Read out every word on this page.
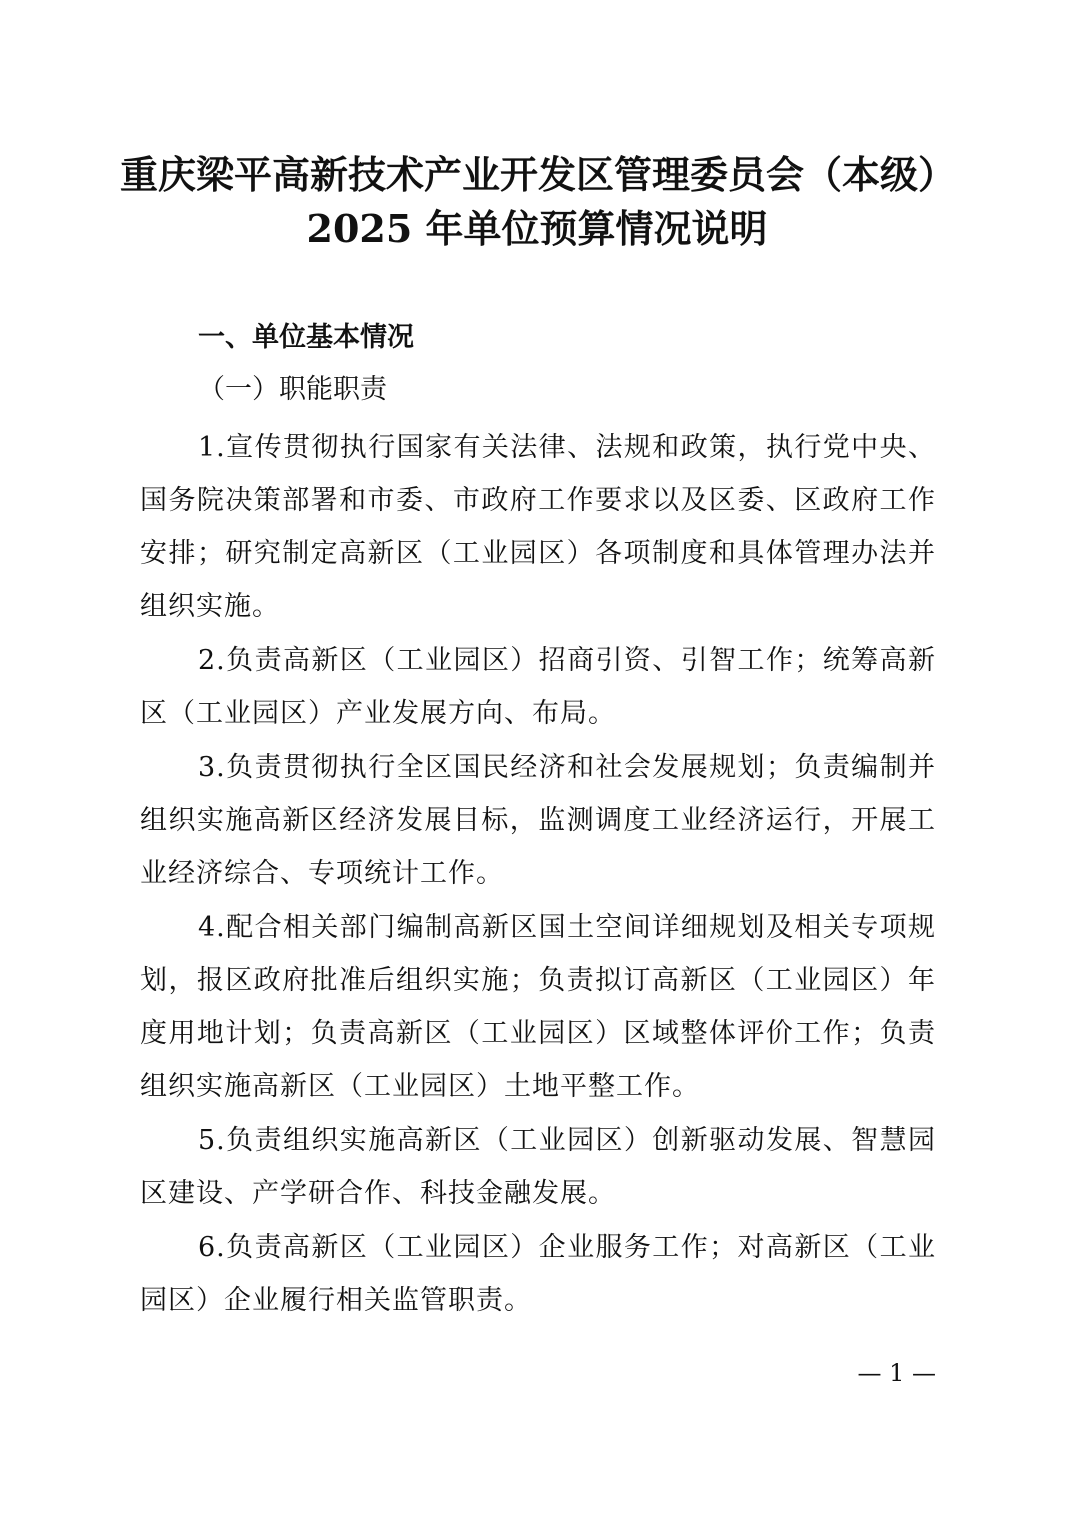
重庆梁平高新技术产业开发区管理委员会（本级）
2025 年单位预算情况说明
一、单位基本情况
（一）职能职责
1.宣传贯彻执行国家有关法律、法规和政策，执行党中央、国务院决策部署和市委、市政府工作要求以及区委、区政府工作安排；研究制定高新区（工业园区）各项制度和具体管理办法并组织实施。
2.负责高新区（工业园区）招商引资、引智工作；统筹高新区（工业园区）产业发展方向、布局。
3.负责贯彻执行全区国民经济和社会发展规划；负责编制并组织实施高新区经济发展目标，监测调度工业经济运行，开展工业经济综合、专项统计工作。
4.配合相关部门编制高新区国土空间详细规划及相关专项规划，报区政府批准后组织实施；负责拟订高新区（工业园区）年度用地计划；负责高新区（工业园区）区域整体评价工作；负责组织实施高新区（工业园区）土地平整工作。
5.负责组织实施高新区（工业园区）创新驱动发展、智慧园区建设、产学研合作、科技金融发展。
6.负责高新区（工业园区）企业服务工作；对高新区（工业园区）企业履行相关监管职责。
— 1 —
